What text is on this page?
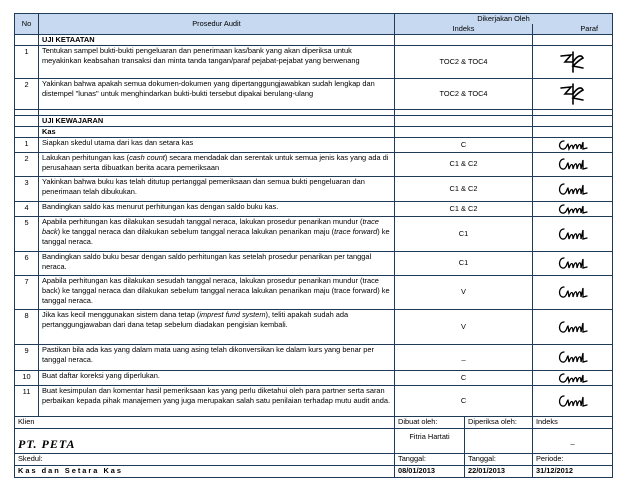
No	Prosedur Audit	Dikerjakan Oleh		
		Indeks		Paraf
	UJI KETAATAN			
1	Tentukan sampel bukti-bukti pengeluaran dan penerimaan kas/bank yang akan diperiksa untuk meyakinkan keabsahan transaksi dan minta tanda tangan/paraf pejabat-pejabat yang berwenang	TOC2 & TOC4	

2	Yakinkan bahwa apakah semua dokumen-dokumen yang dipertanggungjawabkan sudah lengkap dan distempel "lunas" untuk menghindarkan bukti-bukti tersebut dipakai berulang-ulang	TOC2 & TOC4	

	UJI KEWAJARAN			
	Kas			
1	Siapkan skedul utama dari kas dan setara kas	C	

2	Lakukan perhitungan kas (cash count) secara mendadak dan serentak untuk semua jenis kas yang ada di perusahaan serta dibuatkan berita acara pemeriksaan	C1 & C2	

3	Yakinkan bahwa buku kas telah ditutup pertanggal pemeriksaan dan semua bukti pengeluaran dan penerimaan telah dibukukan.	C1 & C2	

4	Bandingkan saldo kas menurut perhitungan kas dengan saldo buku kas.	C1 & C2	

5	Apabila perhitungan kas dilakukan sesudah tanggal neraca, lakukan prosedur penarikan mundur (trace back) ke tanggal neraca dan dilakukan sebelum tanggal neraca lakukan penarikan maju (trace forward) ke tanggal neraca.	C1	

6	Bandingkan saldo buku besar dengan saldo perhitungan kas setelah prosedur penarikan per tanggal neraca.	C1	

7	Apabila perhitungan kas dilakukan sesudah tanggal neraca, lakukan prosedur penarikan mundur (trace back) ke tanggal neraca dan dilakukan sebelum tanggal neraca lakukan penarikan maju (trace forward) ke tanggal neraca.	V	

8	Jika kas kecil menggunakan sistem dana tetap (imprest fund system), teliti apakah sudah ada pertanggungjawaban dari dana tetap sebelum diadakan pengisian kembali.	V	

9	Pastikan bila ada kas yang dalam mata uang asing telah dikonversikan ke dalam kurs yang benar per tanggal neraca.	_	

10	Buat daftar koreksi yang diperlukan.	C	

11	Buat kesimpulan dan komentar hasil pemeriksaan kas yang perlu diketahui oleh para partner serta saran perbaikan kepada pihak manajemen yang juga merupakan salah satu penilaian terhadap mutu audit anda.	C	

Klien		Dibuat oleh:	Diperiksa oleh:	Indeks
PT. PETA		Fitria Hartati		_
Skedul:		Tanggal:	Tanggal:	Periode:
Kas dan Setara Kas		08/01/2013	22/01/2013	31/12/2012
